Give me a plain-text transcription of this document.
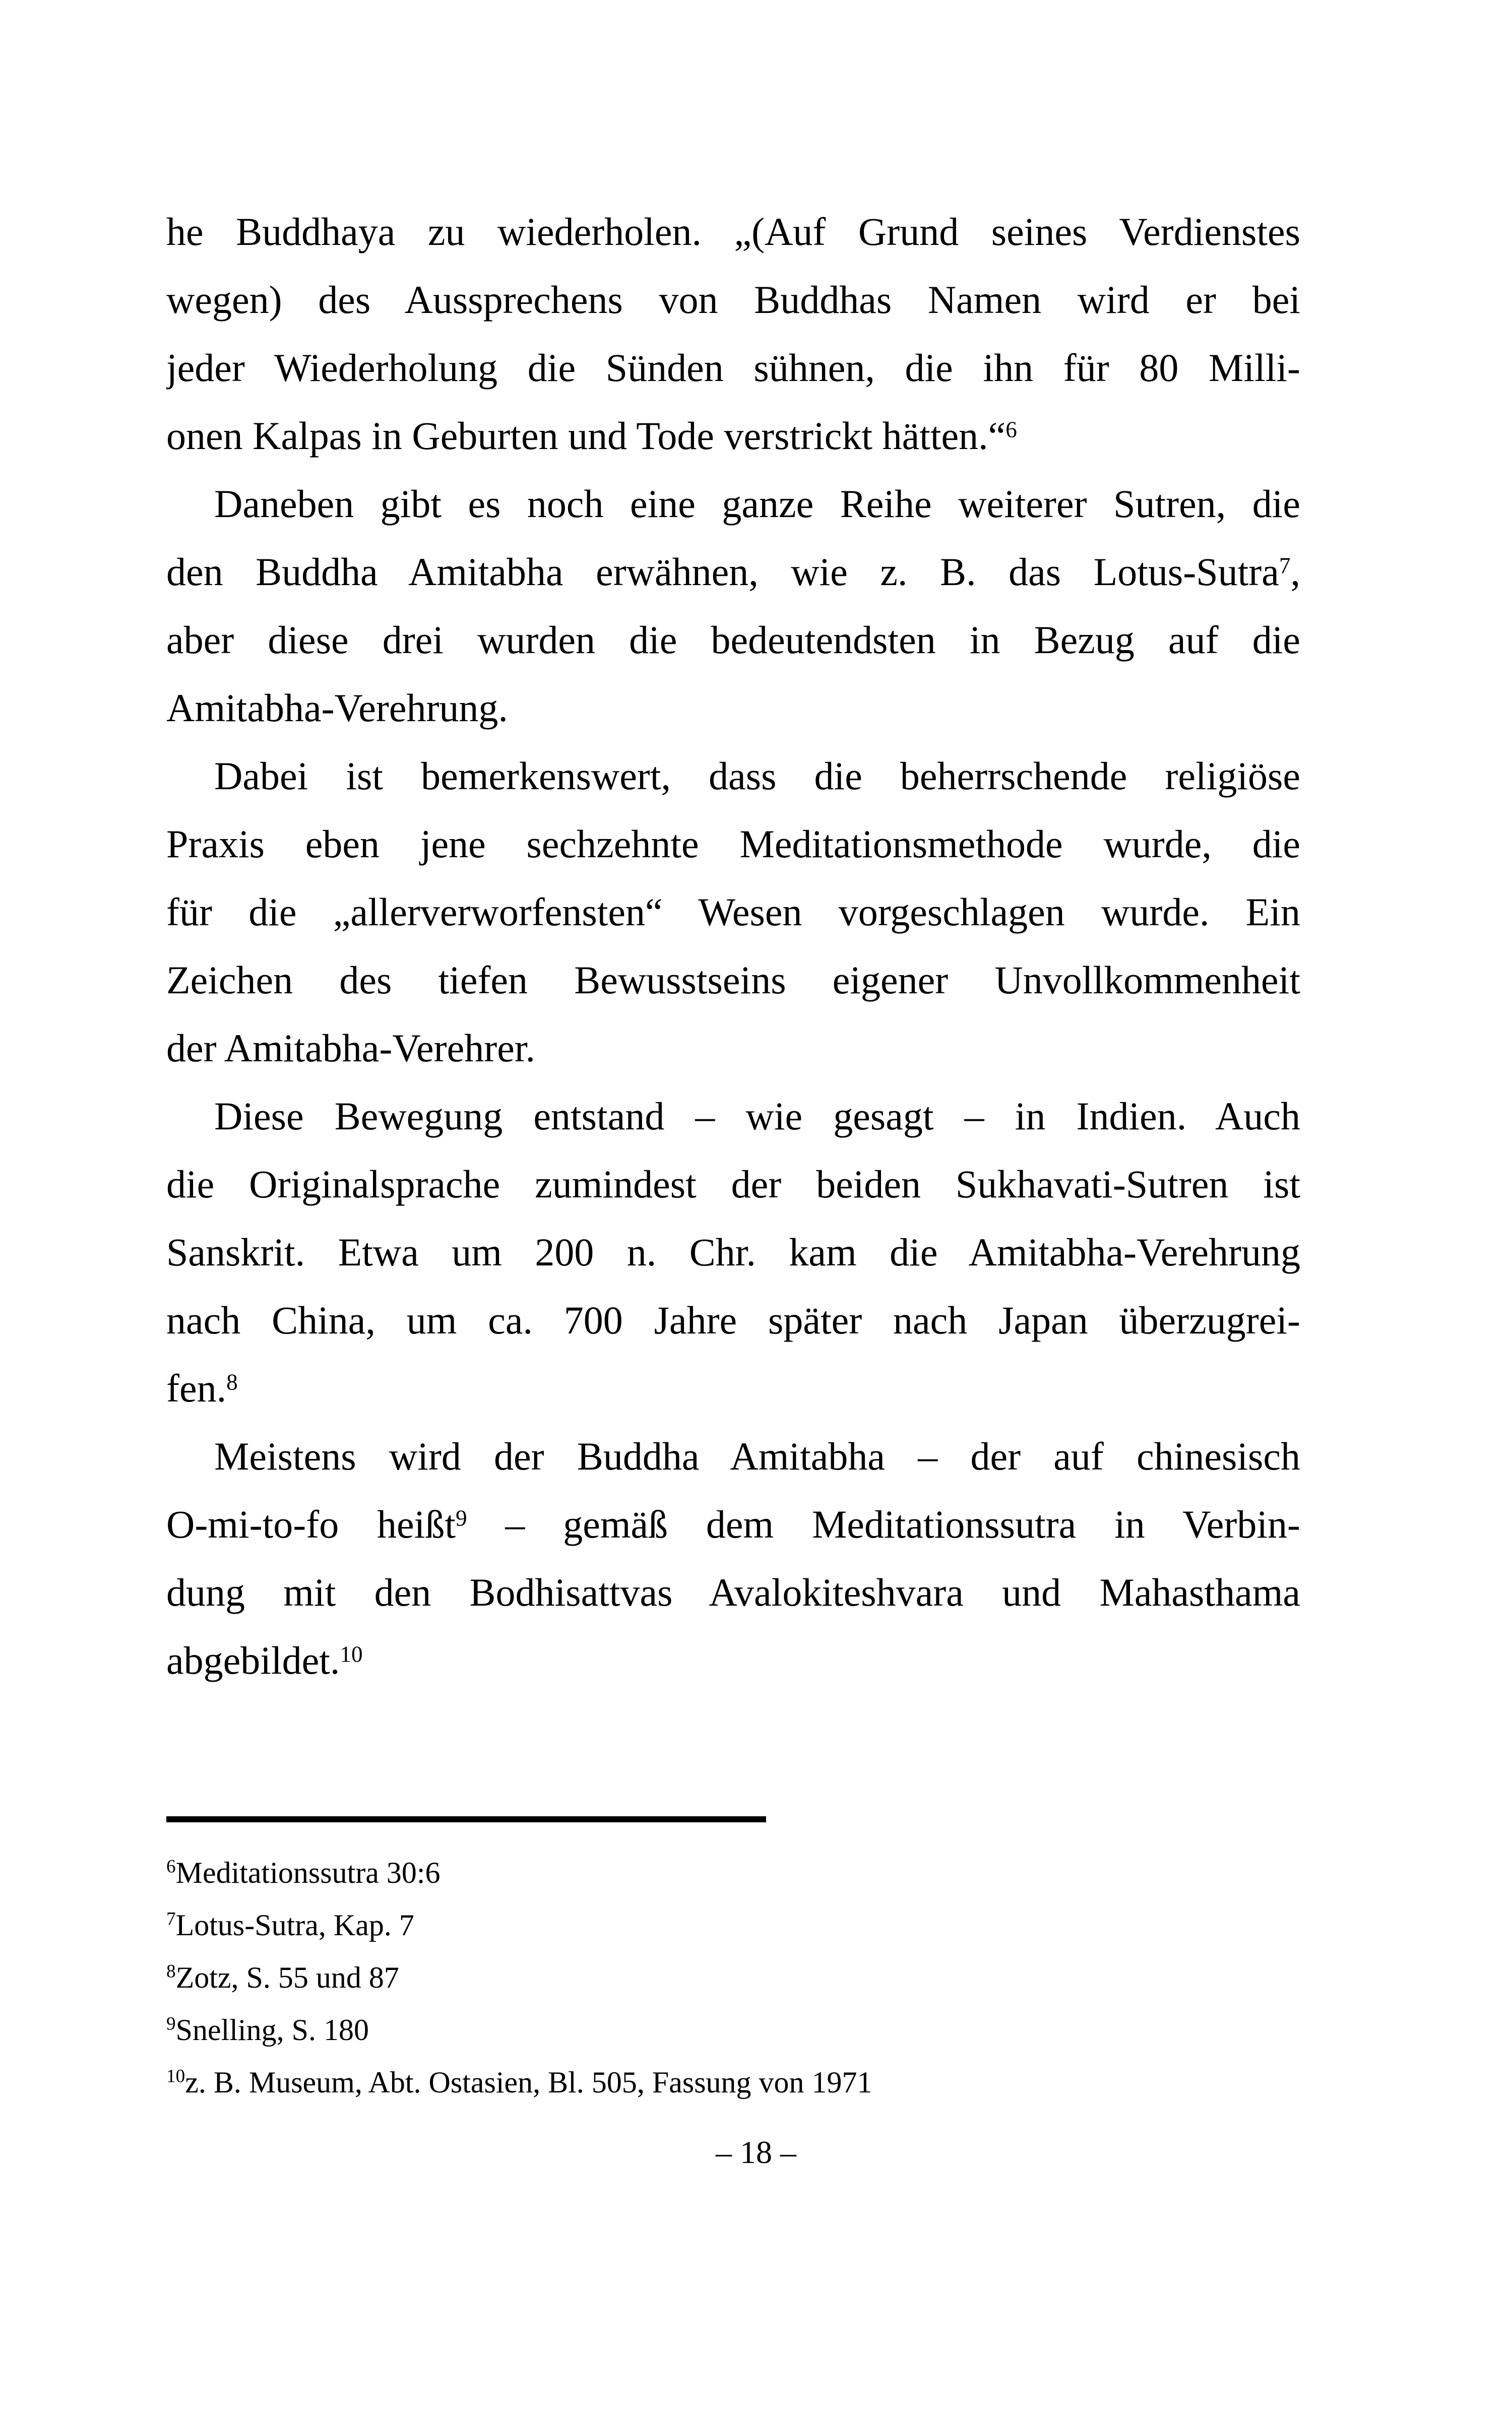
he Buddhaya zu wiederholen. „(Auf Grund seines Verdienstes
wegen) des Aussprechens von Buddhas Namen wird er bei
jeder Wiederholung die Sünden sühnen, die ihn für 80 Milli-
onen Kalpas in Geburten und Tode verstrickt hätten.“$^6$
Daneben gibt es noch eine ganze Reihe weiterer Sutren, die
den Buddha Amitabha erwähnen, wie z. B. das Lotus-Sutra$^7$,
aber diese drei wurden die bedeutendsten in Bezug auf die
Amitabha-Verehrung.
Dabei ist bemerkenswert, dass die beherrschende religiöse
Praxis eben jene sechzehnte Meditationsmethode wurde, die
für die „allerverworfensten“ Wesen vorgeschlagen wurde. Ein
Zeichen des tiefen Bewusstseins eigener Unvollkommenheit
der Amitabha-Verehrer.
Diese Bewegung entstand – wie gesagt – in Indien. Auch
die Originalsprache zumindest der beiden Sukhavati-Sutren ist
Sanskrit. Etwa um 200 n. Chr. kam die Amitabha-Verehrung
nach China, um ca. 700 Jahre später nach Japan überzugrei-
fen.$^8$
Meistens wird der Buddha Amitabha – der auf chinesisch
O-mi-to-fo heißt$^9$ – gemäß dem Meditationssutra in Verbin-
dung mit den Bodhisattvas Avalokiteshvara und Mahasthama
abgebildet.$^{10}$
$^6$Meditationssutra 30:6
$^7$Lotus-Sutra, Kap. 7
$^8$Zotz, S. 55 und 87
$^9$Snelling, S. 180
$^{10}$z. B. Museum, Abt. Ostasien, Bl. 505, Fassung von 1971
– 18 –
